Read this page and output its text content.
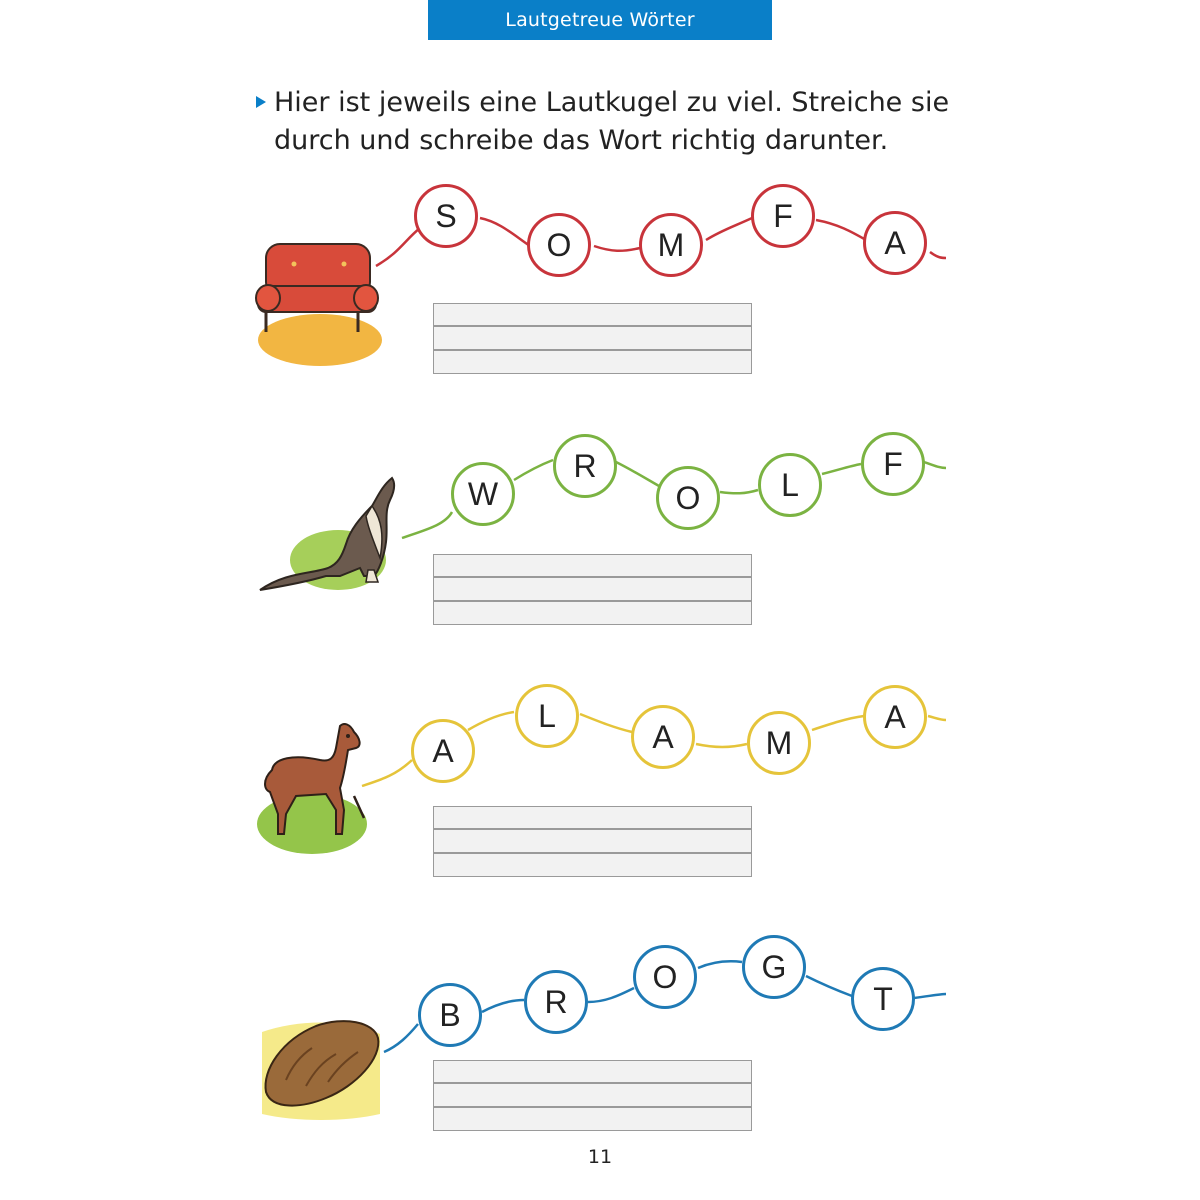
Lautgetreue Wörter
Hier ist jeweils eine Lautkugel zu viel. Streiche sie
durch und schreibe das Wort richtig darunter.
S
O	M
F
A
W
R
O	L
F
A
L
A	M
A
B	R
O	G
T
11
